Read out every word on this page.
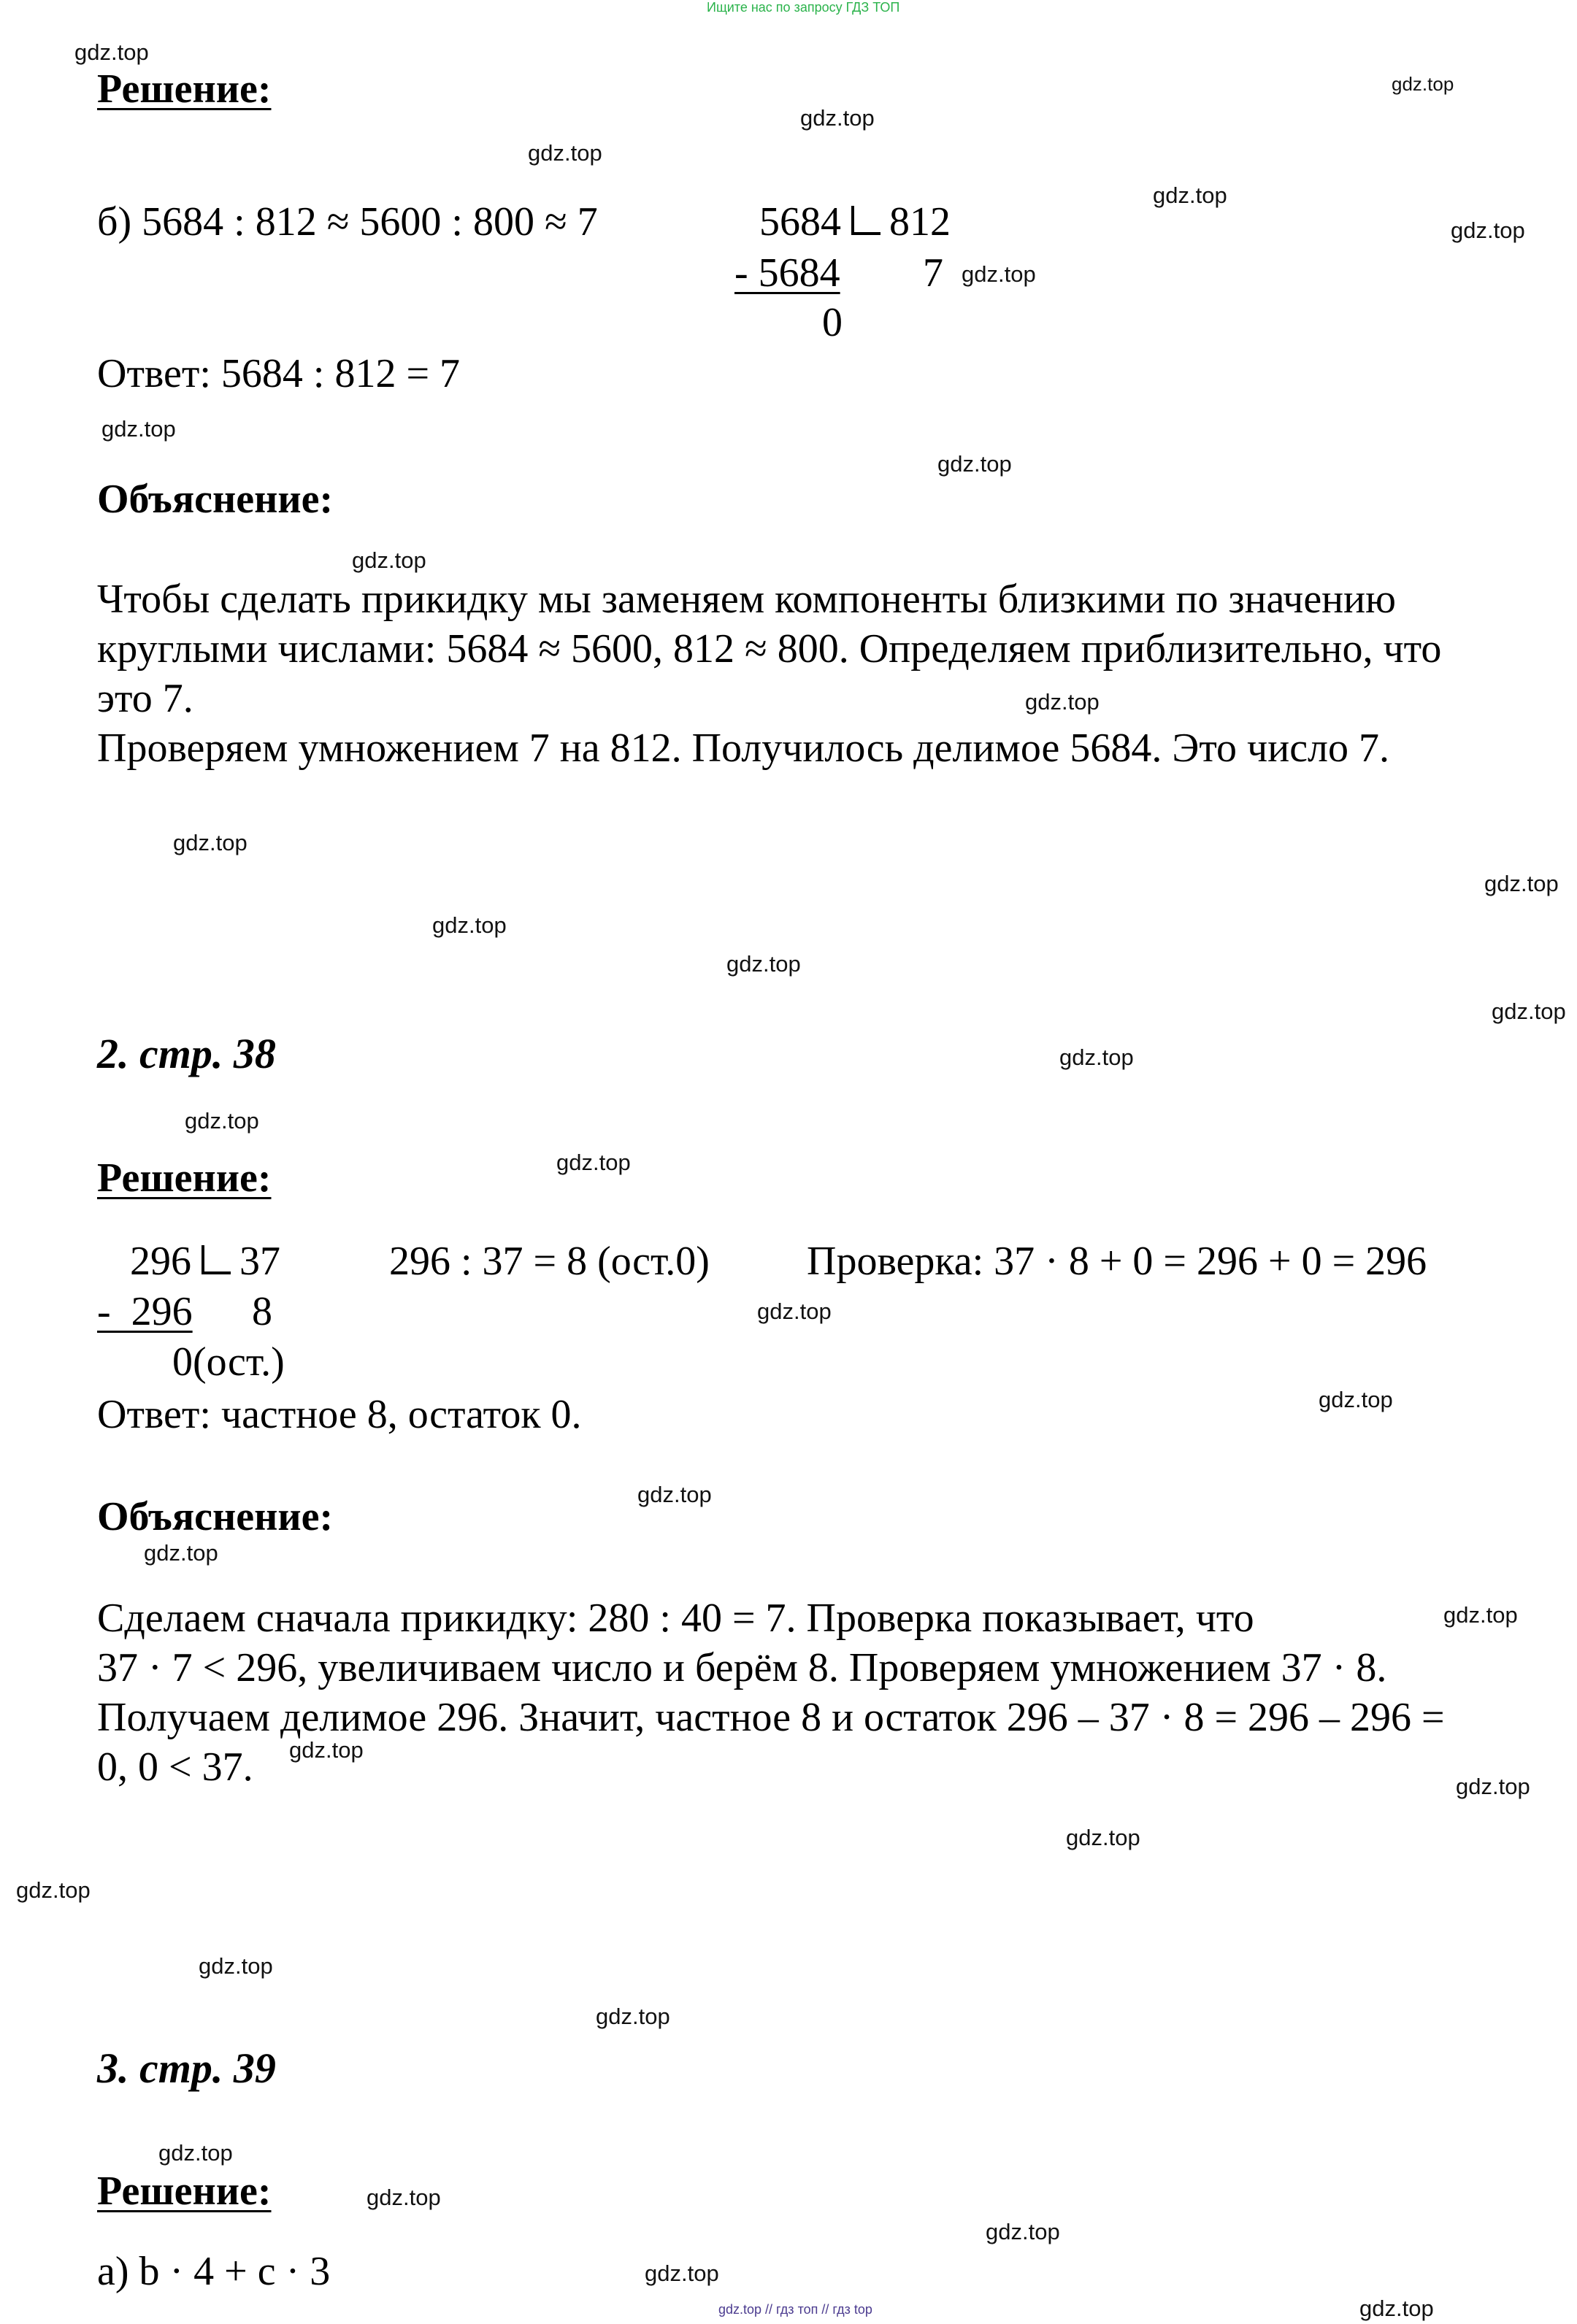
Ищите нас по запросу ГДЗ ТОП
gdz.top // гдз топ // гдз top
Решение:
б) 5684 : 812 ≈ 5600 : 800 ≈ 7	5684 812
- 5684 7
0
Ответ: 5684 : 812 = 7
Объяснение:
Чтобы сделать прикидку мы заменяем компоненты близкими по значению
круглыми числами: 5684 ≈ 5600, 812 ≈ 800. Определяем приблизительно, что
это 7.
Проверяем умножением 7 на 812. Получилось делимое 5684. Это число 7.
2. стр. 38
Решение:
296 37
-  296 8
0(ост.)
296 : 37 = 8 (ост.0) Проверка: 37 · 8 + 0 = 296 + 0 = 296
Ответ: частное 8, остаток 0.
Объяснение:
Сделаем сначала прикидку: 280 : 40 = 7. Проверка показывает, что
37 · 7 < 296, увеличиваем число и берём 8. Проверяем умножением 37 · 8.
Получаем делимое 296. Значит, частное 8 и остаток 296 – 37 · 8 = 296 – 296 =
0, 0 < 37.
3. стр. 39
Решение:
а) b · 4 + c · 3
gdz.top
gdz.top
gdz.top
gdz.top
gdz.top
gdz.top
gdz.top
gdz.top
gdz.top
gdz.top
gdz.top
gdz.top
gdz.top
gdz.top
gdz.top
gdz.top
gdz.top
gdz.top
gdz.top
gdz.top
gdz.top
gdz.top
gdz.top
gdz.top
gdz.top
gdz.top
gdz.top
gdz.top
gdz.top
gdz.top
gdz.top
gdz.top
gdz.top
gdz.top
gdz.top
